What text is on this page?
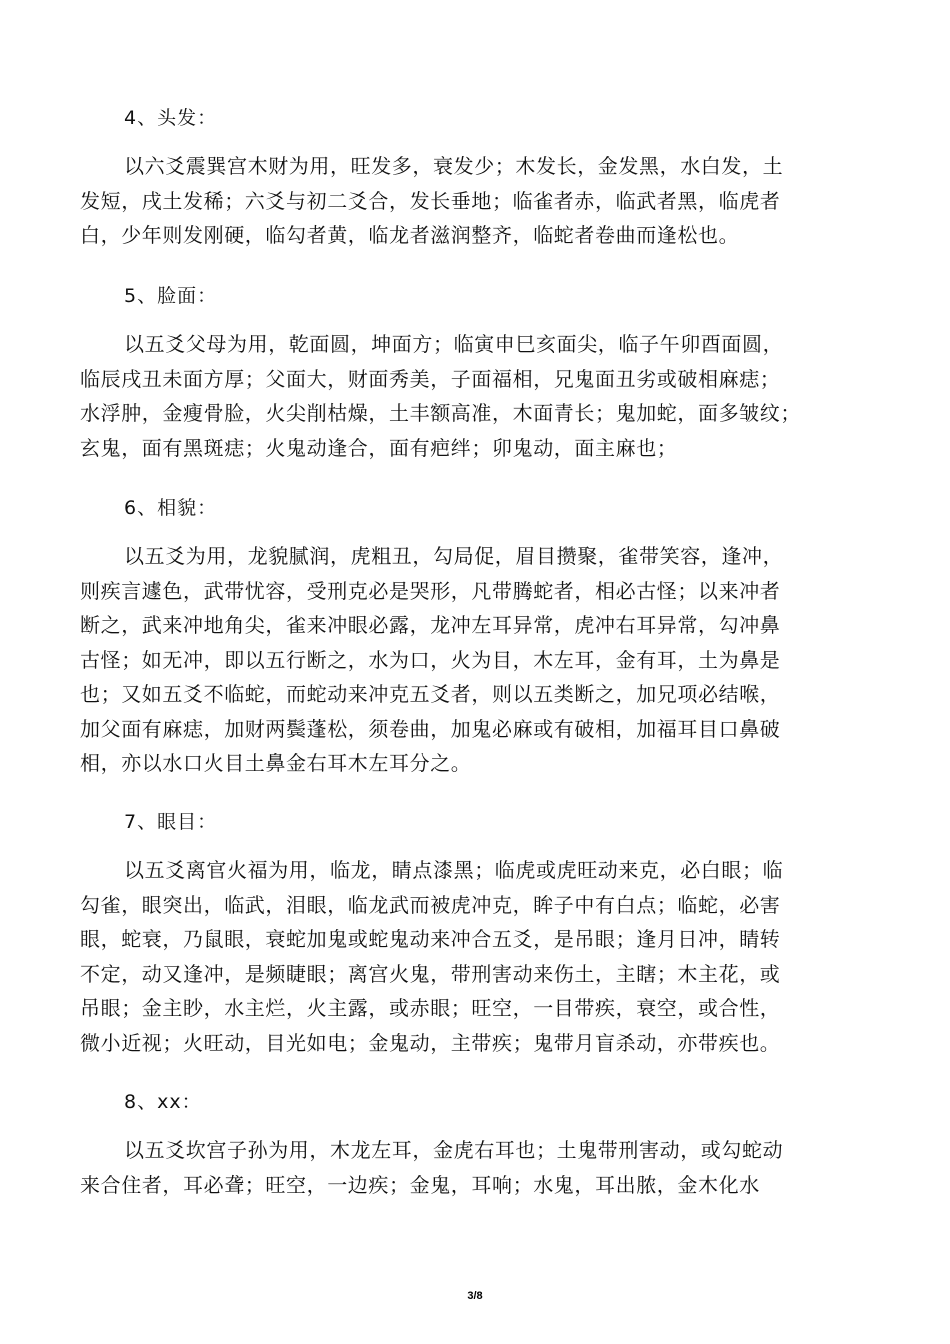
4、头发：
以六爻震巽宫木财为用，旺发多，衰发少；木发长，金发黑，水白发，土
发短，戌土发稀；六爻与初二爻合，发长垂地；临雀者赤，临武者黑，临虎者
白，少年则发刚硬，临勾者黄，临龙者滋润整齐，临蛇者卷曲而逢松也。
5、脸面：
以五爻父母为用，乾面圆，坤面方；临寅申巳亥面尖，临子午卯酉面圆，
临辰戌丑未面方厚；父面大，财面秀美，子面福相，兄鬼面丑劣或破相麻痣；
水浮肿，金瘦骨脸，火尖削枯燥，土丰额高准，木面青长；鬼加蛇，面多皱纹；
玄鬼，面有黑斑痣；火鬼动逢合，面有疤绊；卯鬼动，面主麻也；
6、相貌：
以五爻为用，龙貌腻润，虎粗丑，勾局促，眉目攒聚，雀带笑容，逢冲，
则疾言遽色，武带忧容，受刑克必是哭形，凡带腾蛇者，相必古怪；以来冲者
断之，武来冲地角尖，雀来冲眼必露，龙冲左耳异常，虎冲右耳异常，勾冲鼻
古怪；如无冲，即以五行断之，水为口，火为目，木左耳，金有耳，土为鼻是
也；又如五爻不临蛇，而蛇动来冲克五爻者，则以五类断之，加兄项必结喉，
加父面有麻痣，加财两鬓蓬松，须卷曲，加鬼必麻或有破相，加福耳目口鼻破
相，亦以水口火目土鼻金右耳木左耳分之。
7、眼目：
以五爻离官火福为用，临龙，睛点漆黑；临虎或虎旺动来克，必白眼；临
勾雀，眼突出，临武，泪眼，临龙武而被虎冲克，眸子中有白点；临蛇，必害
眼，蛇衰，乃鼠眼，衰蛇加鬼或蛇鬼动来冲合五爻，是吊眼；逢月日冲，睛转
不定，动又逢冲，是频睫眼；离宫火鬼，带刑害动来伤土，主瞎；木主花，或
吊眼；金主眇，水主烂，火主露，或赤眼；旺空，一目带疾，衰空，或合性，
微小近视；火旺动，目光如电；金鬼动，主带疾；鬼带月盲杀动，亦带疾也。
8、xx：
以五爻坎宫子孙为用，木龙左耳，金虎右耳也；土鬼带刑害动，或勾蛇动
来合住者，耳必聋；旺空，一边疾；金鬼，耳响；水鬼，耳出脓，金木化水
3/8
